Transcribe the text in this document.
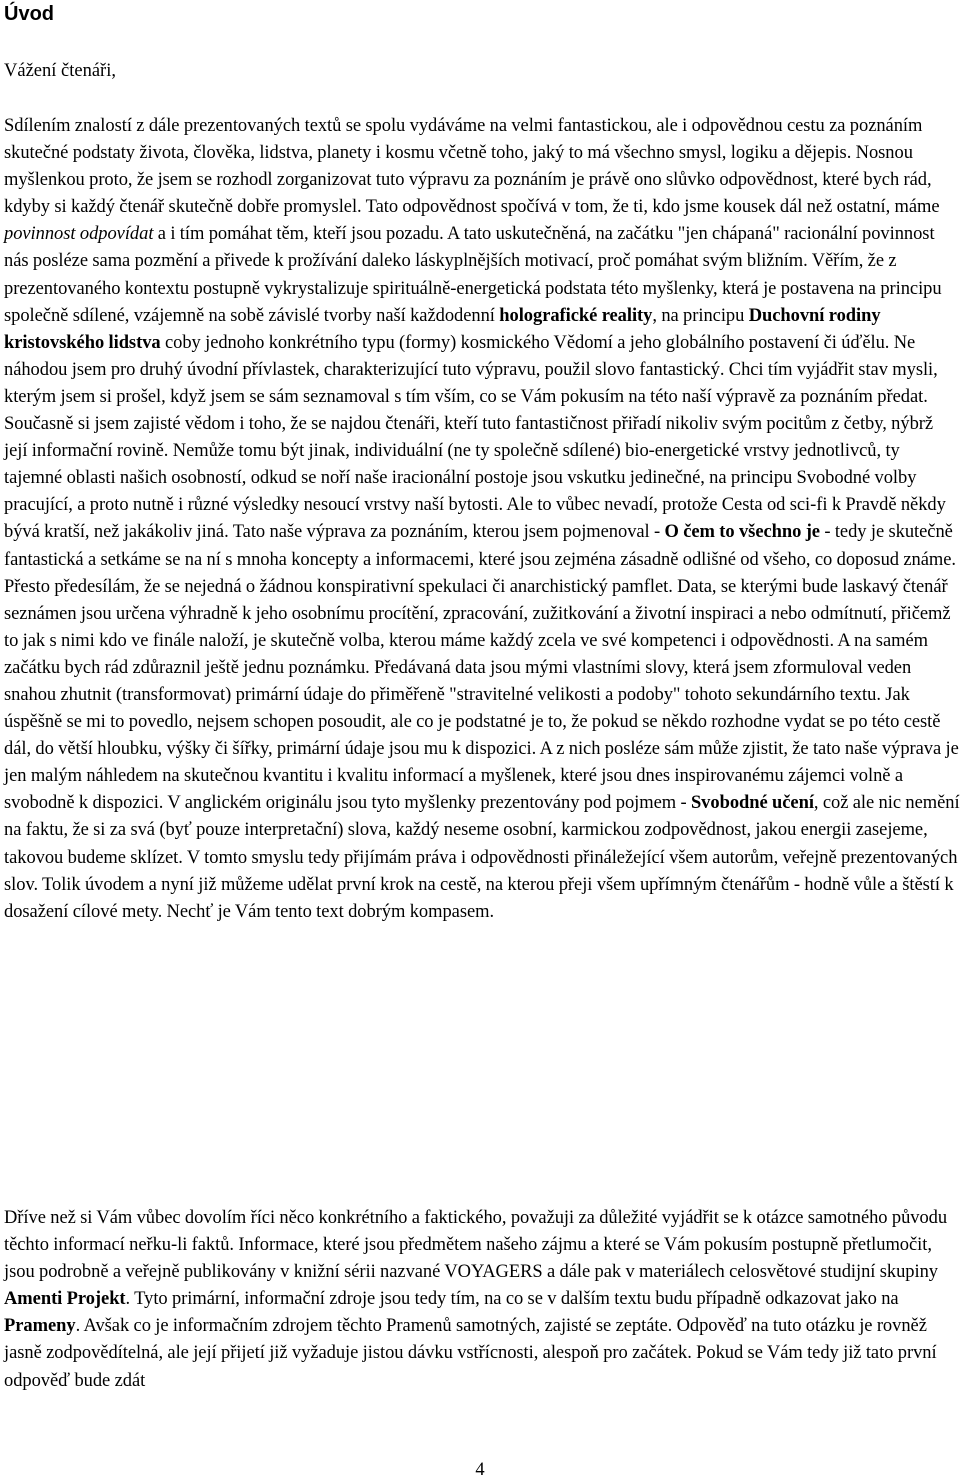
Úvod
Vážení čtenáři,
Sdílením znalostí z dále prezentovaných textů se spolu vydáváme na velmi fantastickou, ale i odpovědnou cestu za poznáním skutečné podstaty života, člověka, lidstva, planety i kosmu včetně toho, jaký to má všechno smysl, logiku a dějepis. Nosnou myšlenkou proto, že jsem se rozhodl zorganizovat tuto výpravu za poznáním je právě ono slůvko odpovědnost, které bych rád, kdyby si každý čtenář skutečně dobře promyslel. Tato odpovědnost spočívá v tom, že ti, kdo jsme kousek dál než ostatní, máme povinnost odpovídat a i tím pomáhat těm, kteří jsou pozadu. A tato uskutečněná, na začátku "jen chápaná" racionální povinnost nás posléze sama pozmění a přivede k prožívání daleko láskyplnějších motivací, proč pomáhat svým bližním. Věřím, že z prezentovaného kontextu postupně vykrystalizuje spirituálně-energetická podstata této myšlenky, která je postavena na principu společně sdílené, vzájemně na sobě závislé tvorby naší každodenní holografické reality, na principu Duchovní rodiny kristovského lidstva coby jednoho konkrétního typu (formy) kosmického Vědomí a jeho globálního postavení či úďělu. Ne náhodou jsem pro druhý úvodní přívlastek, charakterizující tuto výpravu, použil slovo fantastický. Chci tím vyjádřit stav mysli, kterým jsem si prošel, když jsem se sám seznamoval s tím vším, co se Vám pokusím na této naší výpravě za poznáním předat. Současně si jsem zajisté vědom i toho, že se najdou čtenáři, kteří tuto fantastičnost přiřadí nikoliv svým pocitům z četby, nýbrž její informační rovině. Nemůže tomu být jinak, individuální (ne ty společně sdílené) bio-energetické vrstvy jednotlivců, ty tajemné oblasti našich osobností, odkud se noří naše iracionální postoje jsou vskutku jedinečné, na principu Svobodné volby pracující, a proto nutně i různé výsledky nesoucí vrstvy naší bytosti. Ale to vůbec nevadí, protože Cesta od sci-fi k Pravdě někdy bývá kratší, než jakákoliv jiná. Tato naše výprava za poznáním, kterou jsem pojmenoval - O čem to všechno je - tedy je skutečně fantastická a setkáme se na ní s mnoha koncepty a informacemi, které jsou zejména zásadně odlišné od všeho, co doposud známe. Přesto předesílám, že se nejedná o žádnou konspirativní spekulaci či anarchistický pamflet. Data, se kterými bude laskavý čtenář seznámen jsou určena výhradně k jeho osobnímu procítění, zpracování, zužitkování a životní inspiraci a nebo odmítnutí, přičemž to jak s nimi kdo ve finále naloží, je skutečně volba, kterou máme každý zcela ve své kompetenci i odpovědnosti. A na samém začátku bych rád zdůraznil ještě jednu poznámku. Předávaná data jsou mými vlastními slovy, která jsem zformuloval veden snahou zhutnit (transformovat) primární údaje do přiměřeně "stravitelné velikosti a podoby" tohoto sekundárního textu. Jak úspěšně se mi to povedlo, nejsem schopen posoudit, ale co je podstatné je to, že pokud se někdo rozhodne vydat se po této cestě dál, do větší hloubku, výšky či šířky, primární údaje jsou mu k dispozici. A z nich posléze sám může zjistit, že tato naše výprava je jen malým náhledem na skutečnou kvantitu i kvalitu informací a myšlenek, které jsou dnes inspirovanému zájemci volně a svobodně k dispozici. V anglickém originálu jsou tyto myšlenky prezentovány pod pojmem - Svobodné učení, což ale nic nemění na faktu, že si za svá (byť pouze interpretační) slova, každý neseme osobní, karmickou zodpovědnost, jakou energii zasejeme, takovou budeme sklízet. V tomto smyslu tedy přijímám práva i odpovědnosti přináležející všem autorům, veřejně prezentovaných slov. Tolik úvodem a nyní již můžeme udělat první krok na cestě, na kterou přeji všem upřímným čtenářům - hodně vůle a štěstí k dosažení cílové mety. Nechť je Vám tento text dobrým kompasem.
Dříve než si Vám vůbec dovolím říci něco konkrétního a faktického, považuji za důležité vyjádřit se k otázce samotného původu těchto informací neřku-li faktů. Informace, které jsou předmětem našeho zájmu a které se Vám pokusím postupně přetlumočit, jsou podrobně a veřejně publikovány v knižní sérii nazvané VOYAGERS a dále pak v materiálech celosvětové studijní skupiny Amenti Projekt. Tyto primární, informační zdroje jsou tedy tím, na co se v dalším textu budu případně odkazovat jako na Prameny. Avšak co je informačním zdrojem těchto Pramenů samotných, zajisté se zeptáte. Odpověď na tuto otázku je rovněž jasně zodpovědítelná, ale její přijetí již vyžaduje jistou dávku vstřícnosti, alespoň pro začátek. Pokud se Vám tedy již tato první odpověď bude zdát
4
